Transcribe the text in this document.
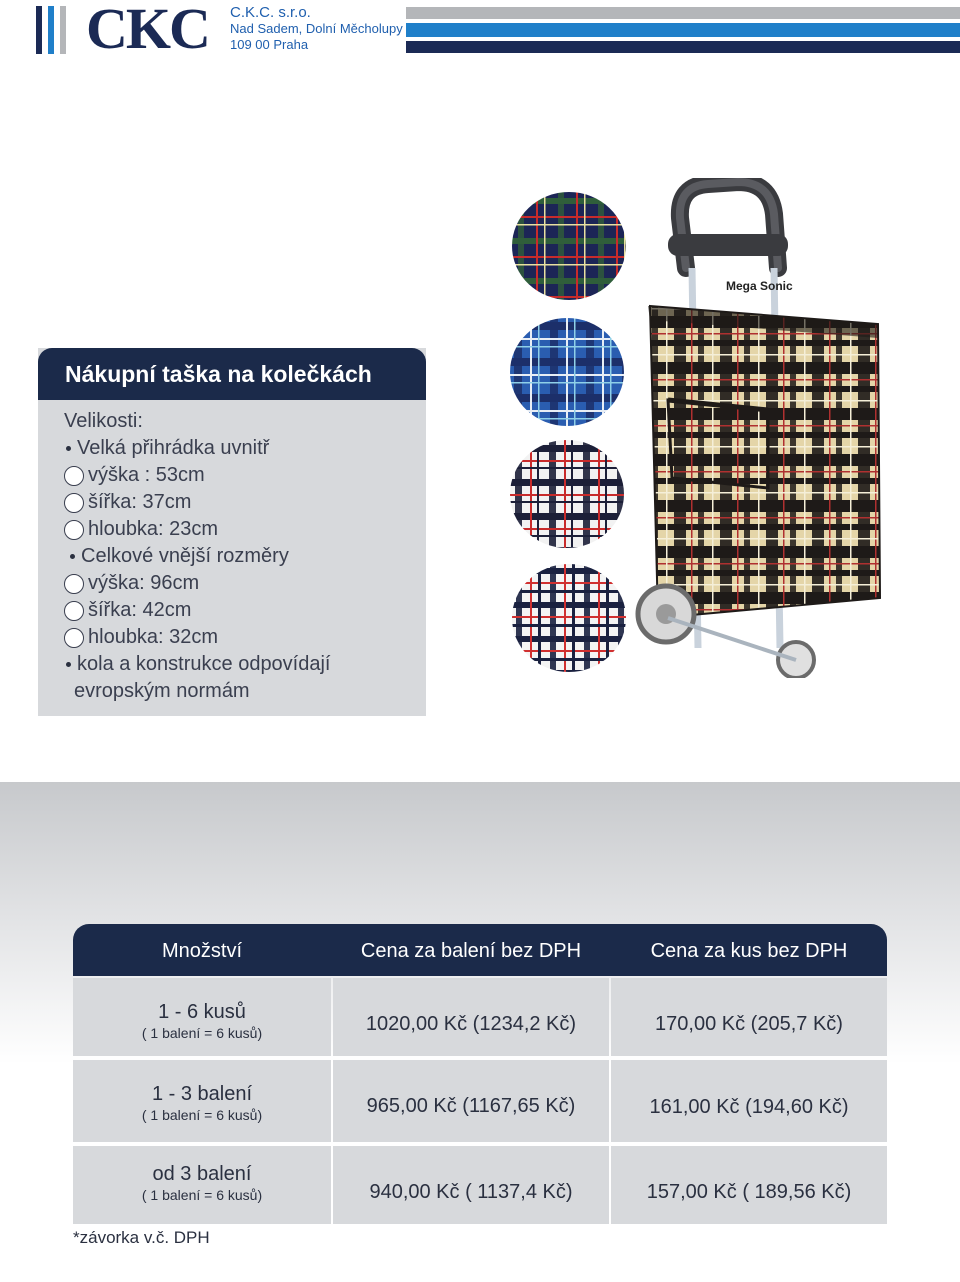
CKC C.K.C. s.r.o.
Nad Sadem, Dolní Měcholupy
109 00 Praha
Nákupní taška na kolečkách
Velikosti:
Velká přihrádka uvnitř
výška : 53cm
šířka: 37cm
hloubka: 23cm
Celkové vnější rozměry
výška: 96cm
šířka: 42cm
hloubka: 32cm
kola a konstrukce odpovídají
evropským normám
Mega Sonic
Množství	Cena za balení bez DPH	Cena za kus bez DPH
1 - 6 kusů
( 1 balení = 6 kusů)	1020,00 Kč (1234,2 Kč)	170,00 Kč (205,7 Kč)
1 - 3 balení
( 1 balení = 6 kusů)	965,00 Kč (1167,65 Kč)	161,00 Kč (194,60 Kč)
od 3 balení
( 1 balení = 6 kusů)	940,00 Kč ( 1137,4 Kč)	157,00 Kč ( 189,56 Kč)
*závorka v.č. DPH
